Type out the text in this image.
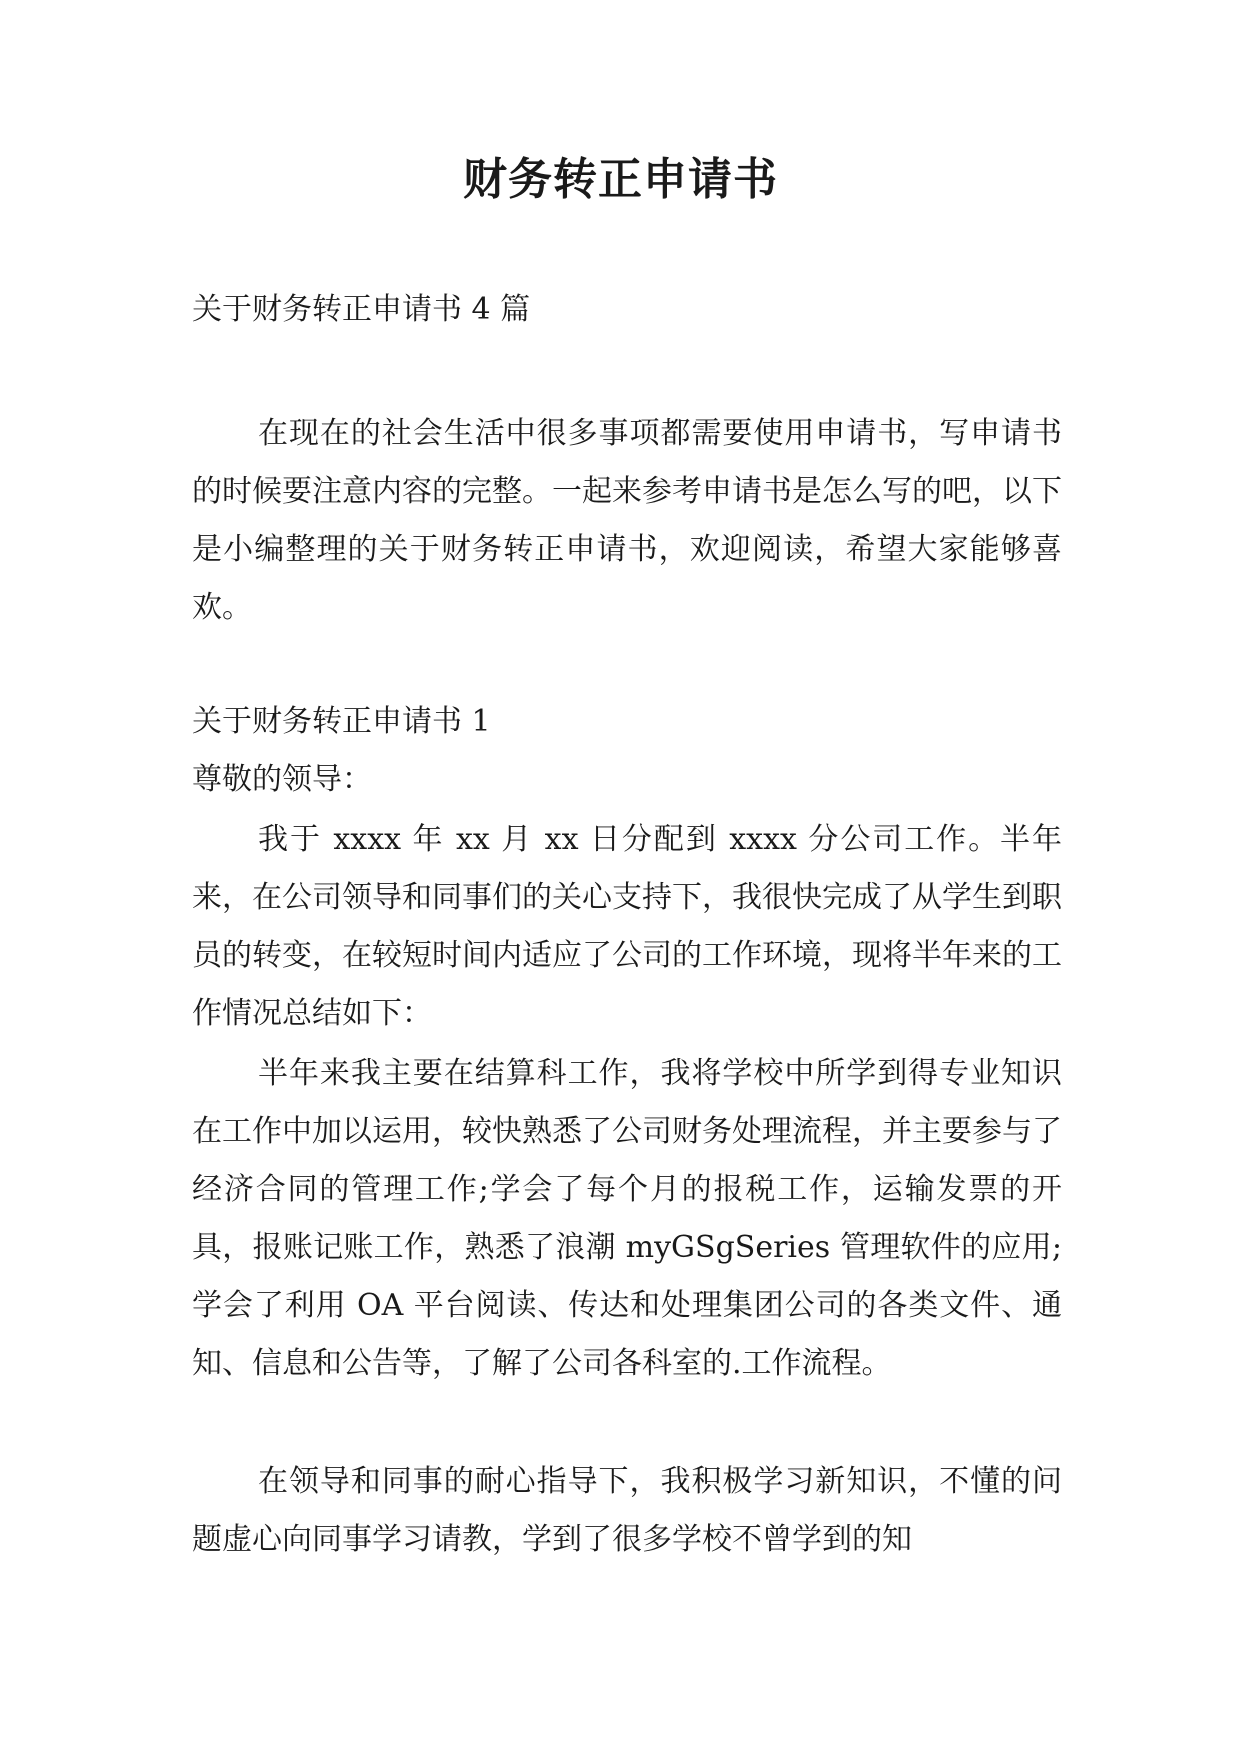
财务转正申请书

关于财务转正申请书 4 篇

在现在的社会生活中很多事项都需要使用申请书，写申请书的时候要注意内容的完整。一起来参考申请书是怎么写的吧，以下是小编整理的关于财务转正申请书，欢迎阅读，希望大家能够喜欢。

关于财务转正申请书 1

尊敬的领导：

我于 xxxx 年 xx 月 xx 日分配到 xxxx 分公司工作。半年来，在公司领导和同事们的关心支持下，我很快完成了从学生到职员的转变，在较短时间内适应了公司的工作环境，现将半年来的工作情况总结如下：

半年来我主要在结算科工作，我将学校中所学到得专业知识在工作中加以运用，较快熟悉了公司财务处理流程，并主要参与了经济合同的管理工作;学会了每个月的报税工作，运输发票的开具，报账记账工作，熟悉了浪潮 myGSgSeries 管理软件的应用;学会了利用 OA 平台阅读、传达和处理集团公司的各类文件、通知、信息和公告等，了解了公司各科室的.工作流程。

在领导和同事的耐心指导下，我积极学习新知识，不懂的问题虚心向同事学习请教，学到了很多学校不曾学到的知
